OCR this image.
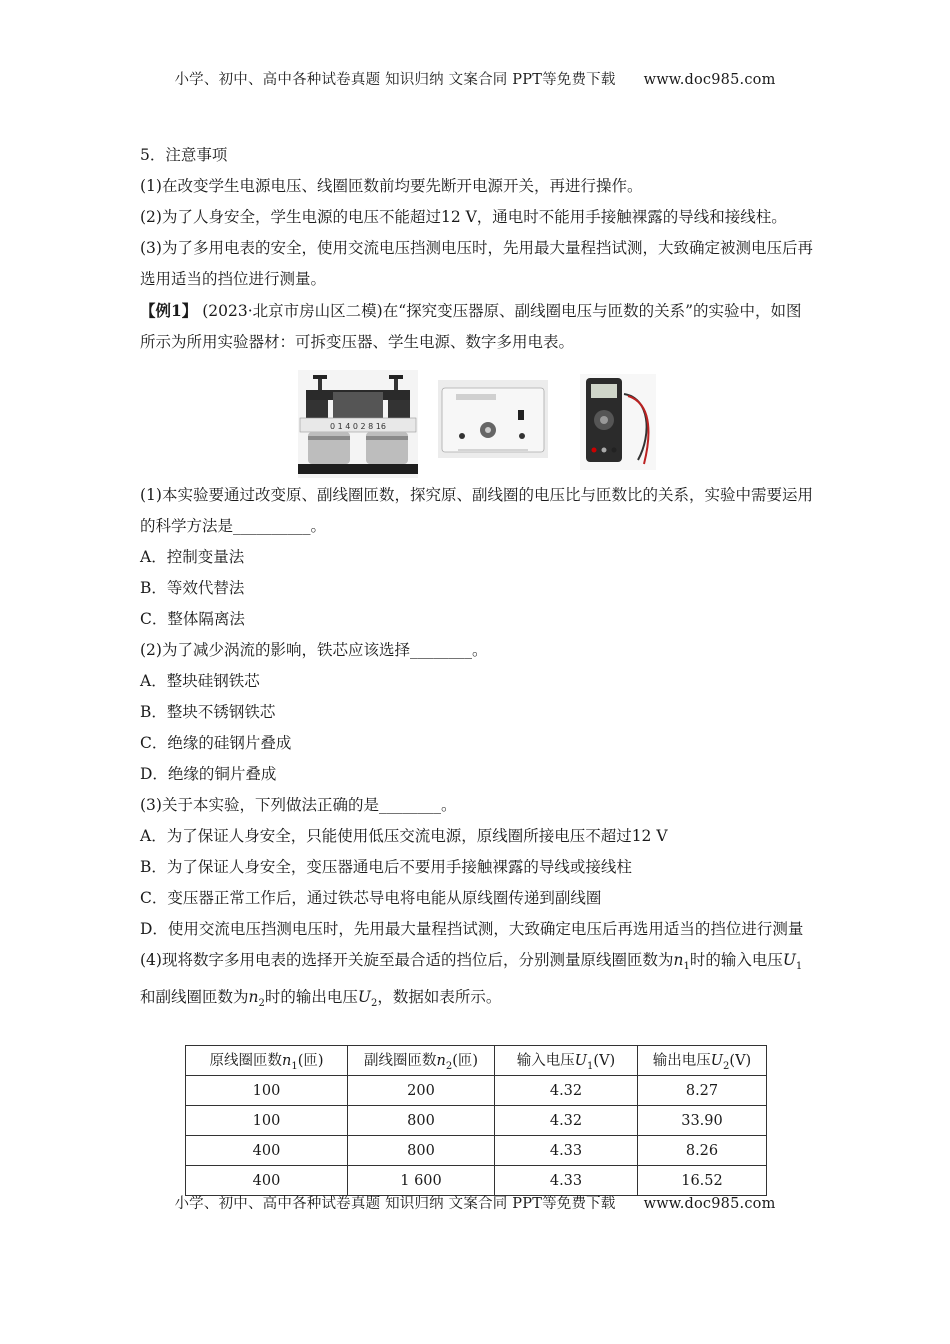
小学、初中、高中各种试卷真题 知识归纳 文案合同 PPT等免费下载 www.doc985.com

5．注意事项

(1)在改变学生电源电压、线圈匝数前均要先断开电源开关，再进行操作。

(2)为了人身安全，学生电源的电压不能超过12 V，通电时不能用手接触裸露的导线和接线柱。

(3)为了多用电表的安全，使用交流电压挡测电压时，先用最大量程挡试测，大致确定被测电压后再选用适当的挡位进行测量。

【例1】 (2023·北京市房山区二模)在“探究变压器原、副线圈电压与匝数的关系”的实验中，如图所示为所用实验器材：可拆变压器、学生电源、数字多用电表。

0 1 4 0 2 8 16

(1)本实验要通过改变原、副线圈匝数，探究原、副线圈的电压比与匝数比的关系，实验中需要运用的科学方法是__________。

A．控制变量法

B．等效代替法

C．整体隔离法

(2)为了减少涡流的影响，铁芯应该选择________。

A．整块硅钢铁芯

B．整块不锈钢铁芯

C．绝缘的硅钢片叠成

D．绝缘的铜片叠成

(3)关于本实验，下列做法正确的是________。

A．为了保证人身安全，只能使用低压交流电源，原线圈所接电压不超过12 V

B．为了保证人身安全，变压器通电后不要用手接触裸露的导线或接线柱

C．变压器正常工作后，通过铁芯导电将电能从原线圈传递到副线圈

D．使用交流电压挡测电压时，先用最大量程挡试测，大致确定电压后再选用适当的挡位进行测量

(4)现将数字多用电表的选择开关旋至最合适的挡位后，分别测量原线圈匝数为$n_1$时的输入电压$U_1$和副线圈匝数为$n_2$时的输出电压$U_2$，数据如表所示。

原线圈匝数$n_1$(匝)	副线圈匝数$n_2$(匝)	输入电压$U_1(V)$	输出电压$U_2(V)$
100	200	4.32	8.27
100	800	4.32	33.90
400	800	4.33	8.26
400	1 600	4.33	16.52
小学、初中、高中各种试卷真题 知识归纳 文案合同 PPT等免费下载 www.doc985.com
